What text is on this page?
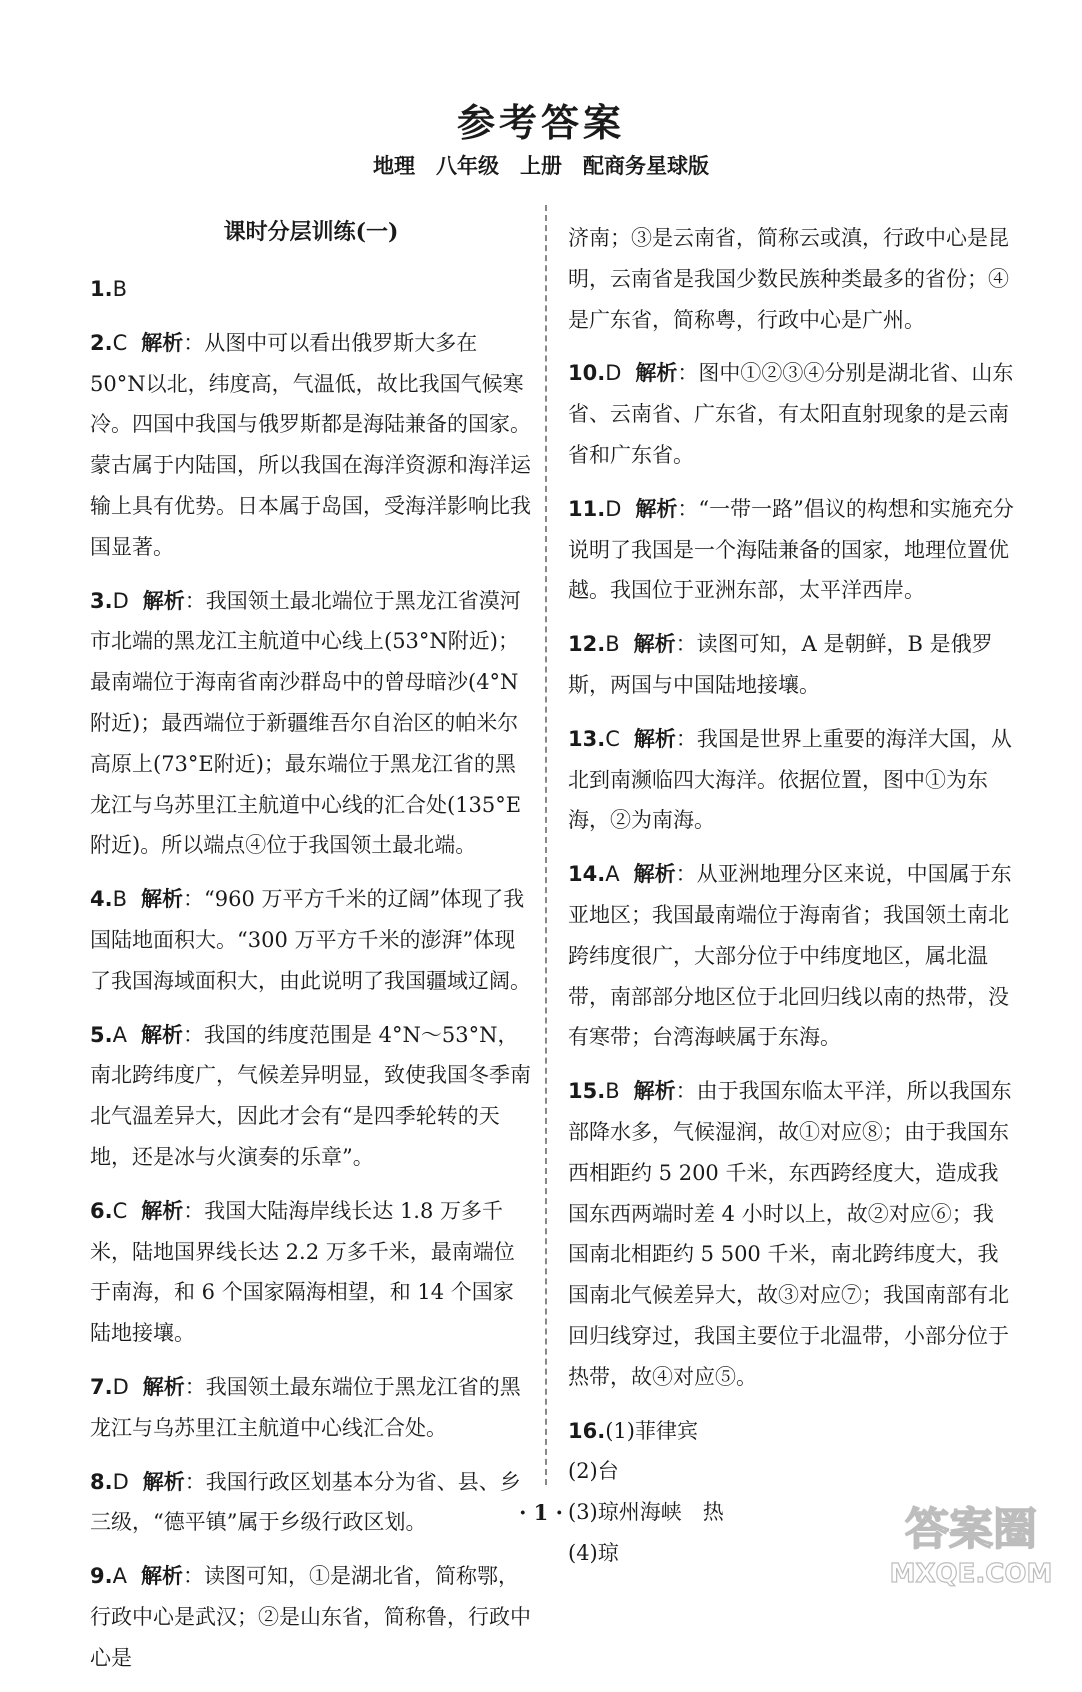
参考答案
地理　八年级　上册　配商务星球版
课时分层训练(一)
1.B
2.C 解析：从图中可以看出俄罗斯大多在50°N以北，纬度高，气温低，故比我国气候寒冷。四国中我国与俄罗斯都是海陆兼备的国家。蒙古属于内陆国，所以我国在海洋资源和海洋运输上具有优势。日本属于岛国，受海洋影响比我国显著。
3.D 解析：我国领土最北端位于黑龙江省漠河市北端的黑龙江主航道中心线上(53°N附近)；最南端位于海南省南沙群岛中的曾母暗沙(4°N附近)；最西端位于新疆维吾尔自治区的帕米尔高原上(73°E附近)；最东端位于黑龙江省的黑龙江与乌苏里江主航道中心线的汇合处(135°E附近)。所以端点④位于我国领土最北端。
4.B 解析：“960 万平方千米的辽阔”体现了我国陆地面积大。“300 万平方千米的澎湃”体现了我国海域面积大，由此说明了我国疆域辽阔。
5.A 解析：我国的纬度范围是 4°N～53°N，南北跨纬度广，气候差异明显，致使我国冬季南北气温差异大，因此才会有“是四季轮转的天地，还是冰与火演奏的乐章”。
6.C 解析：我国大陆海岸线长达 1.8 万多千米，陆地国界线长达 2.2 万多千米，最南端位于南海，和 6 个国家隔海相望，和 14 个国家陆地接壤。
7.D 解析：我国领土最东端位于黑龙江省的黑龙江与乌苏里江主航道中心线汇合处。
8.D 解析：我国行政区划基本分为省、县、乡三级，“德平镇”属于乡级行政区划。
9.A 解析：读图可知，①是湖北省，简称鄂，行政中心是武汉；②是山东省，简称鲁，行政中心是
济南；③是云南省，简称云或滇，行政中心是昆明，云南省是我国少数民族种类最多的省份；④是广东省，简称粤，行政中心是广州。
10.D 解析：图中①②③④分别是湖北省、山东省、云南省、广东省，有太阳直射现象的是云南省和广东省。
11.D 解析：“一带一路”倡议的构想和实施充分说明了我国是一个海陆兼备的国家，地理位置优越。我国位于亚洲东部，太平洋西岸。
12.B 解析：读图可知，A 是朝鲜，B 是俄罗斯，两国与中国陆地接壤。
13.C 解析：我国是世界上重要的海洋大国，从北到南濒临四大海洋。依据位置，图中①为东海，②为南海。
14.A 解析：从亚洲地理分区来说，中国属于东亚地区；我国最南端位于海南省；我国领土南北跨纬度很广，大部分位于中纬度地区，属北温带，南部部分地区位于北回归线以南的热带，没有寒带；台湾海峡属于东海。
15.B 解析：由于我国东临太平洋，所以我国东部降水多，气候湿润，故①对应⑧；由于我国东西相距约 5 200 千米，东西跨经度大，造成我国东西两端时差 4 小时以上，故②对应⑥；我国南北相距约 5 500 千米，南北跨纬度大，我国南北气候差异大，故③对应⑦；我国南部有北回归线穿过，我国主要位于北温带，小部分位于热带，故④对应⑤。
16.(1)菲律宾
(2)台
(3)琼州海峡　热
(4)琼
· 1 ·	答案圈
MXQE.COM
